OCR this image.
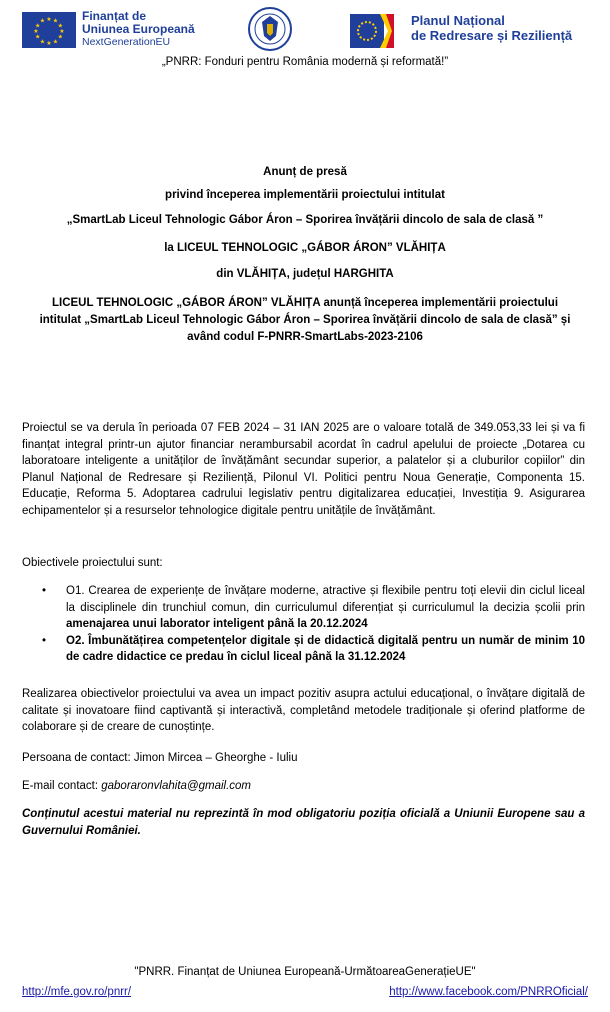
★ ★
★
★
★
★
★
★
★
★
★
★	Finanțat de
Uniunea Europeană
NextGenerationEU
Planul Național
de Redresare și Reziliență
„PNRR: Fonduri pentru România modernă și reformată!”
Anunț de presă
privind începerea implementării proiectului intitulat
„SmartLab Liceul Tehnologic Gábor Áron – Sporirea învățării dincolo de sala de clasă ”
la LICEUL TEHNOLOGIC „GÁBOR ÁRON” VLĂHIȚA
din VLĂHIȚA, județul HARGHITA
LICEUL TEHNOLOGIC „GÁBOR ÁRON” VLĂHIȚA anunță începerea implementării proiectului
intitulat „SmartLab Liceul Tehnologic Gábor Áron – Sporirea învățării dincolo de sala de clasă” și
având codul F-PNRR-SmartLabs-2023-2106
Proiectul se va derula în perioada 07 FEB 2024 – 31 IAN 2025 are o valoare totală de 349.053,33 lei și va fi finanțat integral printr-un ajutor financiar nerambursabil acordat în cadrul apelului de proiecte „Dotarea cu laboratoare inteligente a unităților de învățământ secundar superior, a palatelor și a cluburilor copiilor” din Planul Național de Redresare și Reziliență, Pilonul VI. Politici pentru Noua Generație, Componenta 15. Educație, Reforma 5. Adoptarea cadrului legislativ pentru digitalizarea educației, Investiția 9. Asigurarea echipamentelor și a resurselor tehnologice digitale pentru unitățile de învățământ.
Obiectivele proiectului sunt:
• O1. Crearea de experiențe de învățare moderne, atractive și flexibile pentru toți elevii din ciclul liceal la disciplinele din trunchiul comun, din curriculumul diferențiat și curriculumul la decizia școlii prin amenajarea unui laborator inteligent până la 20.12.2024
• O2. Îmbunătățirea competențelor digitale și de didactică digitală pentru un număr de minim 10 de cadre didactice ce predau în ciclul liceal până la 31.12.2024
Realizarea obiectivelor proiectului va avea un impact pozitiv asupra actului educațional, o învățare digitală de calitate și inovatoare fiind captivantă și interactivă, completând metodele tradiționale și oferind platforme de colaborare și de creare de cunoștințe.
Persoana de contact: Jimon Mircea – Gheorghe - Iuliu
E-mail contact: gaboraronvlahita@gmail.com
Conținutul acestui material nu reprezintă în mod obligatoriu poziția oficială a Uniunii Europene sau a Guvernului României.
"PNRR. Finanțat de Uniunea Europeană-UrmătoareaGenerațieUE"
http://mfe.gov.ro/pnrr/	http://www.facebook.com/PNRROficial/
